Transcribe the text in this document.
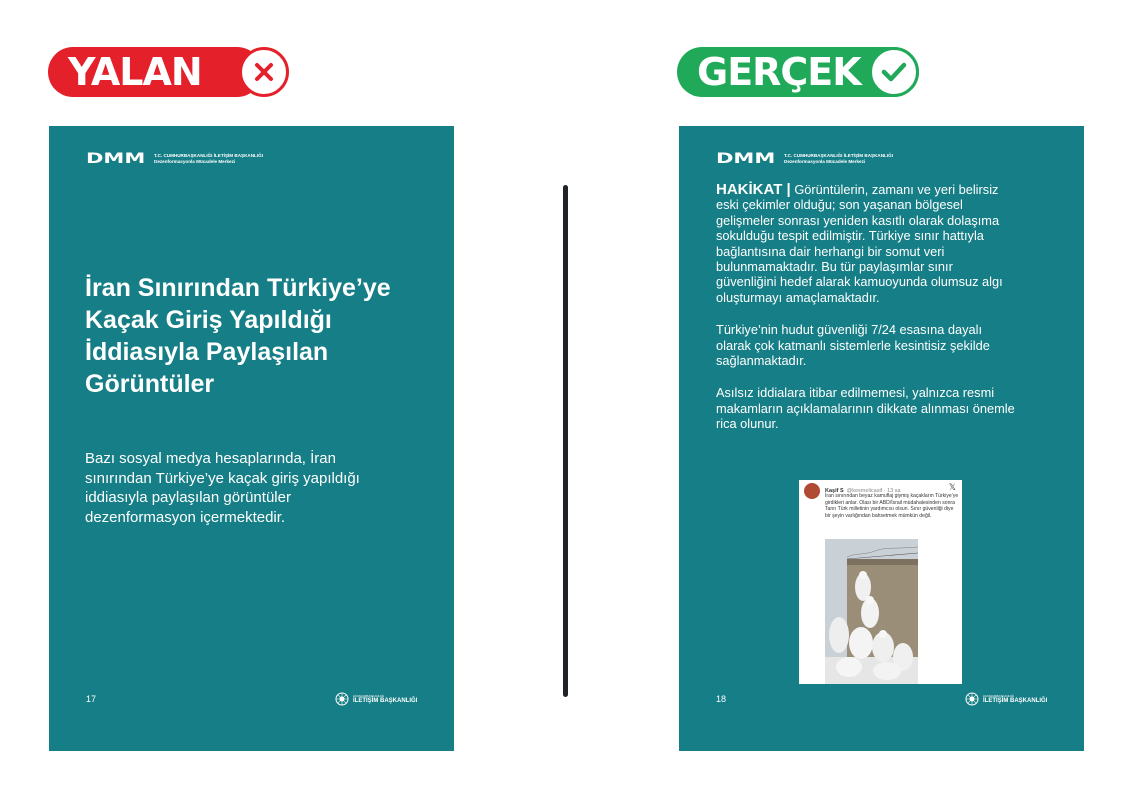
YALAN	GERÇEK
DMM	T.C. CUMHURBAŞKANLIĞI İLETİŞİM BAŞKANLIĞI
Dezenformasyonla Mücadele Merkezi
İran Sınırından Türkiye’ye Kaçak Giriş Yapıldığı İddiasıyla Paylaşılan Görüntüler
Bazı sosyal medya hesaplarında, İran sınırından Türkiye’ye kaçak giriş yapıldığı iddiasıyla paylaşılan görüntüler dezenformasyon içermektedir.
17	CUMHURBAŞKANLIĞI
İLETİŞİM BAŞKANLIĞI
DMM	T.C. CUMHURBAŞKANLIĞI İLETİŞİM BAŞKANLIĞI
Dezenformasyonla Mücadele Merkezi

HAKİKAT | Görüntülerin, zamanı ve yeri belirsiz eski çekimler olduğu; son yaşanan bölgesel gelişmeler sonrası yeniden kasıtlı olarak dolaşıma sokulduğu tespit edilmiştir. Türkiye sınır hattıyla bağlantısına dair herhangi bir somut veri bulunmamaktadır. Bu tür paylaşımlar sınır güvenliğini hedef alarak kamuoyunda olumsuz algı oluşturmayı amaçlamaktadır.

Türkiye’nin hudut güvenliği 7/24 esasına dayalı olarak çok katmanlı sistemlerle kesintisiz şekilde sağlanmaktadır.

Asılsız iddialara itibar edilmemesi, yalnızca resmi makamların açıklamalarının dikkate alınması önemle rica olunur.

Kaşif S @kesmelicasif · 13 sa	𝕏
İran sınırından beyaz kamuflaj giymiş kaçakların Türkiye’ye girdikleri anlar. Olası bir ABD/İsrail müdahalesinden sonra Tanrı Türk milletinin yardımcısı olsun. Sınır güvenliği diye bir şeyin varlığından bahsetmek mümkün değil.
18	CUMHURBAŞKANLIĞI
İLETİŞİM BAŞKANLIĞI
